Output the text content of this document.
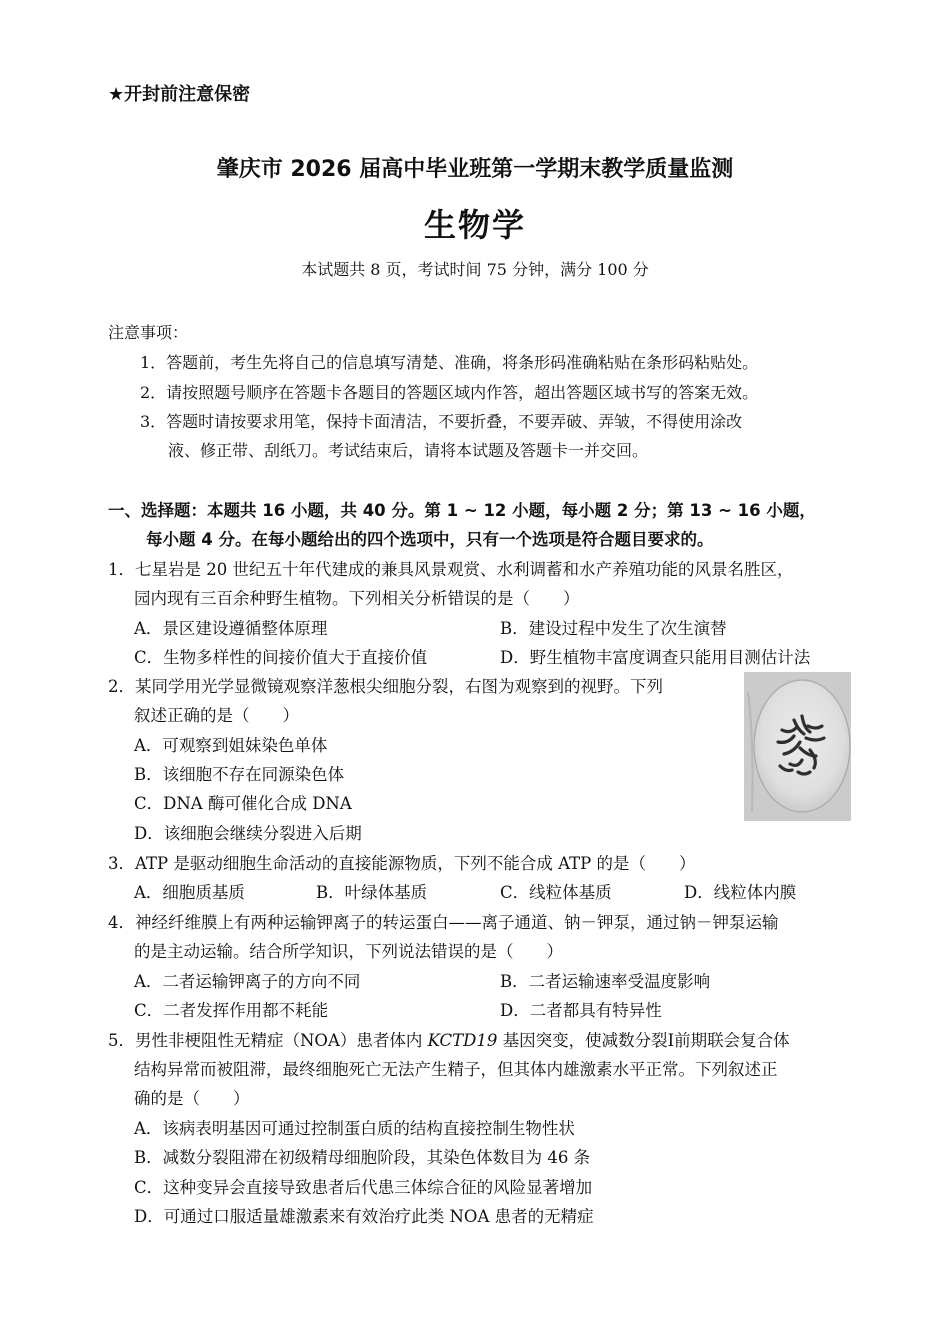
★开封前注意保密
肇庆市 2026 届高中毕业班第一学期末教学质量监测
生物学
本试题共 8 页，考试时间 75 分钟，满分 100 分
注意事项：
1．答题前，考生先将自己的信息填写清楚、准确，将条形码准确粘贴在条形码粘贴处。
2．请按照题号顺序在答题卡各题目的答题区域内作答，超出答题区域书写的答案无效。
3．答题时请按要求用笔，保持卡面清洁，不要折叠，不要弄破、弄皱，不得使用涂改
液、修正带、刮纸刀。考试结束后，请将本试题及答题卡一并交回。
一、选择题：本题共 16 小题，共 40 分。第 1 ~ 12 小题，每小题 2 分；第 13 ~ 16 小题，
每小题 4 分。在每小题给出的四个选项中，只有一个选项是符合题目要求的。
1．七星岩是 20 世纪五十年代建成的兼具风景观赏、水利调蓄和水产养殖功能的风景名胜区，
园内现有三百余种野生植物。下列相关分析错误的是（　　）
A．景区建设遵循整体原理	B．建设过程中发生了次生演替
C．生物多样性的间接价值大于直接价值	D．野生植物丰富度调查只能用目测估计法
2．某同学用光学显微镜观察洋葱根尖细胞分裂，右图为观察到的视野。下列
叙述正确的是（　　）
A．可观察到姐妹染色单体
B．该细胞不存在同源染色体
C．DNA 酶可催化合成 DNA
D．该细胞会继续分裂进入后期
3．ATP 是驱动细胞生命活动的直接能源物质，下列不能合成 ATP 的是（　　）
A．细胞质基质	B．叶绿体基质	C．线粒体基质	D．线粒体内膜
4．神经纤维膜上有两种运输钾离子的转运蛋白——离子通道、钠－钾泵，通过钠－钾泵运输
的是主动运输。结合所学知识，下列说法错误的是（　　）
A．二者运输钾离子的方向不同	B．二者运输速率受温度影响
C．二者发挥作用都不耗能	D．二者都具有特异性
5．男性非梗阻性无精症（NOA）患者体内 KCTD19 基因突变，使减数分裂Ⅰ前期联会复合体
结构异常而被阻滞，最终细胞死亡无法产生精子，但其体内雄激素水平正常。下列叙述正
确的是（　　）
A．该病表明基因可通过控制蛋白质的结构直接控制生物性状
B．减数分裂阻滞在初级精母细胞阶段，其染色体数目为 46 条
C．这种变异会直接导致患者后代患三体综合征的风险显著增加
D．可通过口服适量雄激素来有效治疗此类 NOA 患者的无精症
